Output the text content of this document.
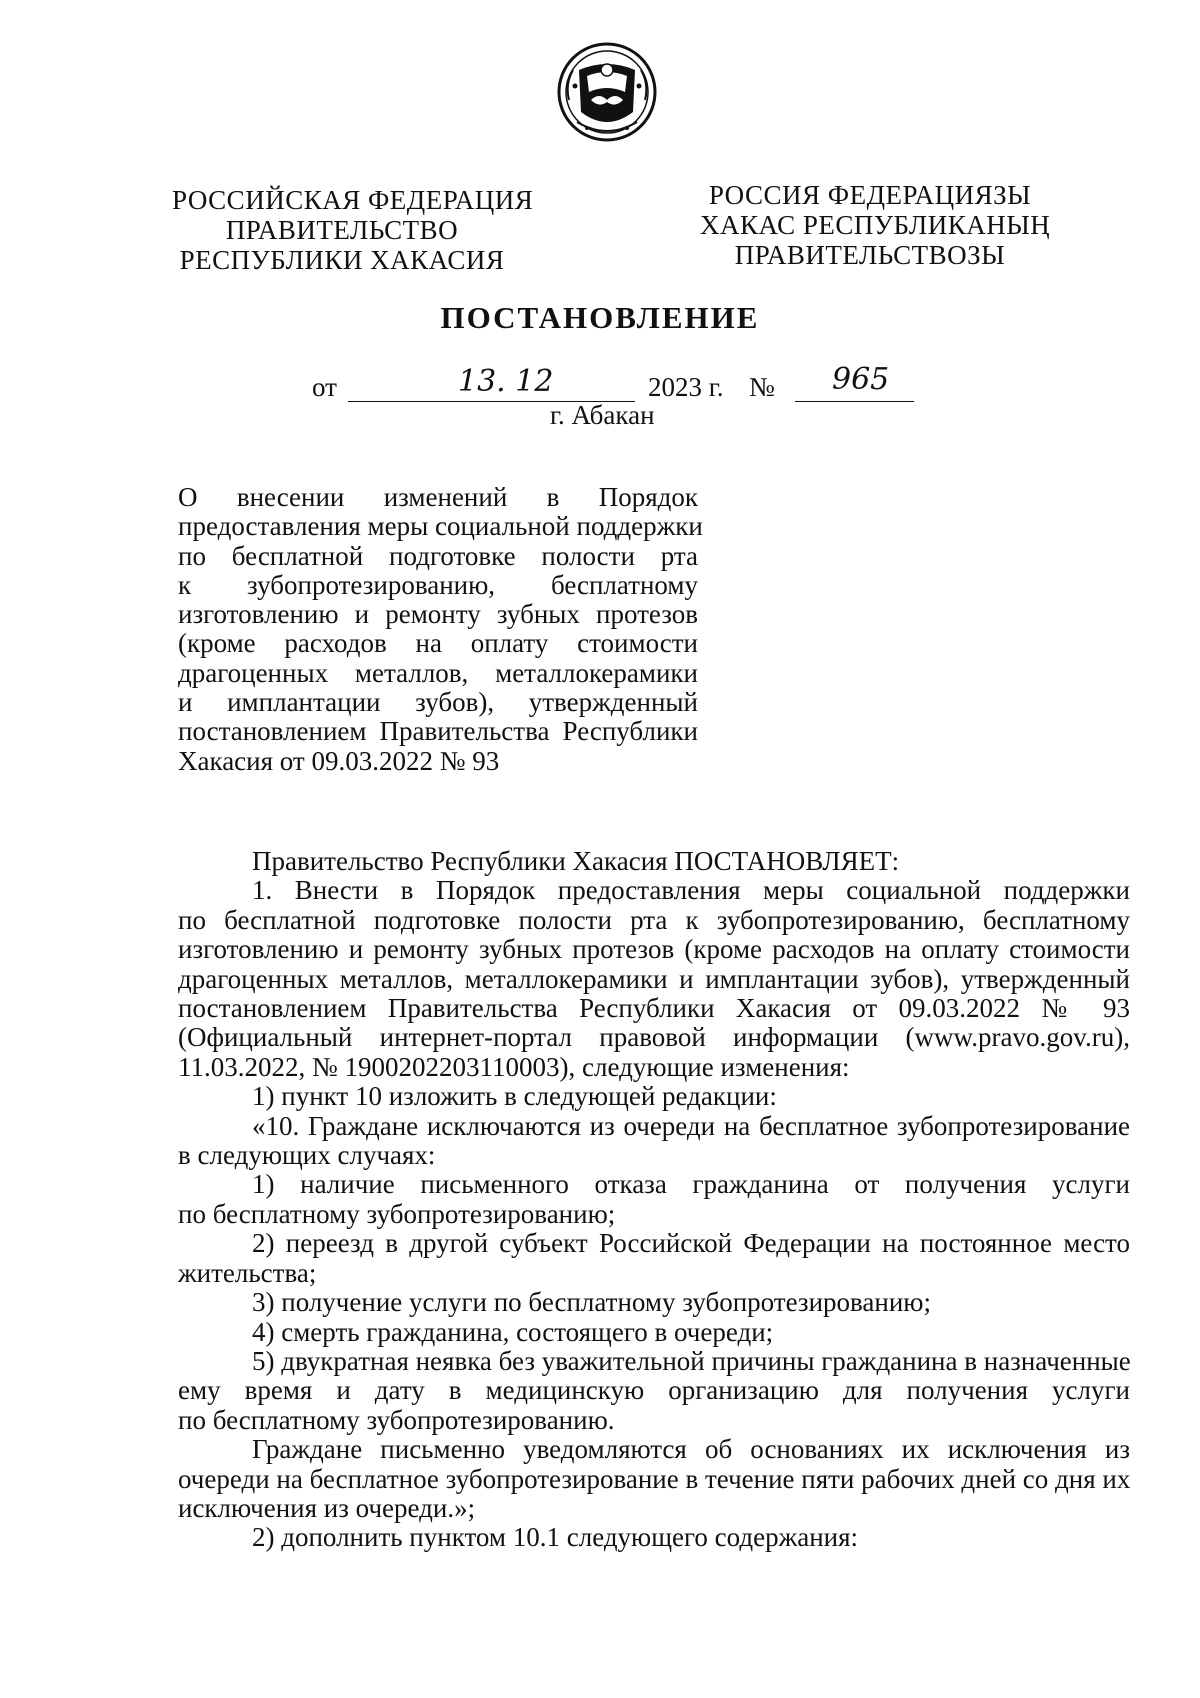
РОССИЙСКАЯ ФЕДЕРАЦИЯ
ПРАВИТЕЛЬСТВО
РЕСПУБЛИКИ ХАКАСИЯ
РОССИЯ ФЕДЕРАЦИЯЗЫ
ХАКАС РЕСПУБЛИКАНЫҢ
ПРАВИТЕЛЬСТВОЗЫ
ПОСТАНОВЛЕНИЕ
от	13. 12	2023 г. № 965
г. Абакан
О внесении изменений в Порядок
предоставления меры социальной поддержки
по бесплатной подготовке полости рта
к зубопротезированию, бесплатному
изготовлению и ремонту зубных протезов
(кроме расходов на оплату стоимости
драгоценных металлов, металлокерамики
и имплантации зубов), утвержденный
постановлением Правительства Республики
Хакасия от 09.03.2022 № 93
Правительство Республики Хакасия ПОСТАНОВЛЯЕТ:
1. Внести в Порядок предоставления меры социальной поддержки
по бесплатной подготовке полости рта к зубопротезированию, бесплатному
изготовлению и ремонту зубных протезов (кроме расходов на оплату стоимости
драгоценных металлов, металлокерамики и имплантации зубов), утвержденный
постановлением Правительства Республики Хакасия от 09.03.2022 № 93
(Официальный интернет-портал правовой информации (www.pravo.gov.ru),
11.03.2022, № 1900202203110003), следующие изменения:
1) пункт 10 изложить в следующей редакции:
«10. Граждане исключаются из очереди на бесплатное зубопротезирование
в следующих случаях:
1) наличие письменного отказа гражданина от получения услуги
по бесплатному зубопротезированию;
2) переезд в другой субъект Российской Федерации на постоянное место
жительства;
3) получение услуги по бесплатному зубопротезированию;
4) смерть гражданина, состоящего в очереди;
5) двукратная неявка без уважительной причины гражданина в назначенные
ему время и дату в медицинскую организацию для получения услуги
по бесплатному зубопротезированию.
Граждане письменно уведомляются об основаниях их исключения из
очереди на бесплатное зубопротезирование в течение пяти рабочих дней со дня их
исключения из очереди.»;
2) дополнить пунктом 10.1 следующего содержания:
